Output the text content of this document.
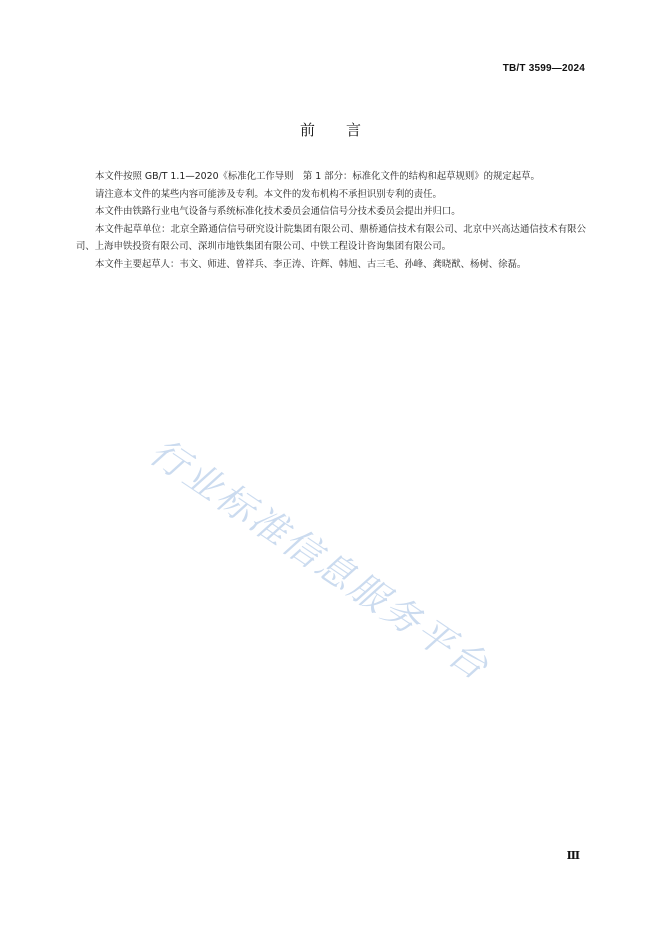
TB/T 3599—2024
前 言

本文件按照 GB/T 1.1—2020《标准化工作导则　第 1 部分：标准化文件的结构和起草规则》的规定起草。

请注意本文件的某些内容可能涉及专利。本文件的发布机构不承担识别专利的责任。

本文件由铁路行业电气设备与系统标准化技术委员会通信信号分技术委员会提出并归口。

本文件起草单位：北京全路通信信号研究设计院集团有限公司、鼎桥通信技术有限公司、北京中兴高达通信技术有限公司、上海申铁投资有限公司、深圳市地铁集团有限公司、中铁工程设计咨询集团有限公司。

本文件主要起草人：韦文、师进、曾祥兵、李正涛、许辉、韩旭、古三毛、孙峰、龚晓猷、杨树、徐磊。

行业标准信息服务平台
Ⅲ
